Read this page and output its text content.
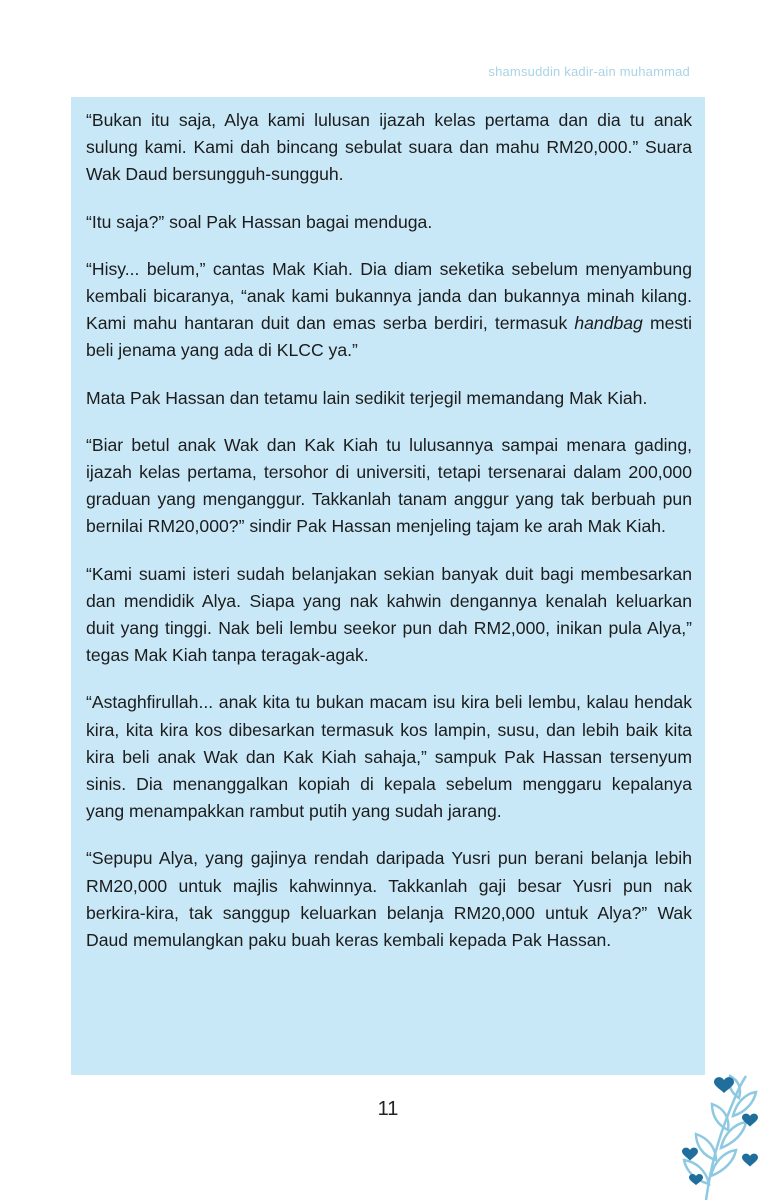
shamsuddin kadir-ain muhammad

“Bukan itu saja, Alya kami lulusan ijazah kelas pertama dan dia tu anak sulung kami. Kami dah bincang sebulat suara dan mahu RM20,000.” Suara Wak Daud bersungguh-sungguh.

“Itu saja?” soal Pak Hassan bagai menduga.

“Hisy... belum,” cantas Mak Kiah. Dia diam seketika sebelum menyambung kembali bicaranya, “anak kami bukannya janda dan bukannya minah kilang. Kami mahu hantaran duit dan emas serba berdiri, termasuk handbag mesti beli jenama yang ada di KLCC ya.”

Mata Pak Hassan dan tetamu lain sedikit terjegil memandang Mak Kiah.

“Biar betul anak Wak dan Kak Kiah tu lulusannya sampai menara gading, ijazah kelas pertama, tersohor di universiti, tetapi tersenarai dalam 200,000 graduan yang menganggur. Takkanlah tanam anggur yang tak berbuah pun bernilai RM20,000?” sindir Pak Hassan menjeling tajam ke arah Mak Kiah.

“Kami suami isteri sudah belanjakan sekian banyak duit bagi membesarkan dan mendidik Alya. Siapa yang nak kahwin dengannya kenalah keluarkan duit yang tinggi. Nak beli lembu seekor pun dah RM2,000, inikan pula Alya,” tegas Mak Kiah tanpa teragak-agak.

“Astaghfirullah... anak kita tu bukan macam isu kira beli lembu, kalau hendak kira, kita kira kos dibesarkan termasuk kos lampin, susu, dan lebih baik kita kira beli anak Wak dan Kak Kiah sahaja,” sampuk Pak Hassan tersenyum sinis. Dia menanggalkan kopiah di kepala sebelum menggaru kepalanya yang menampakkan rambut putih yang sudah jarang.

“Sepupu Alya, yang gajinya rendah daripada Yusri pun berani belanja lebih RM20,000 untuk majlis kahwinnya. Takkanlah gaji besar Yusri pun nak berkira-kira, tak sanggup keluarkan belanja RM20,000 untuk Alya?” Wak Daud memulangkan paku buah keras kembali kepada Pak Hassan.

11
